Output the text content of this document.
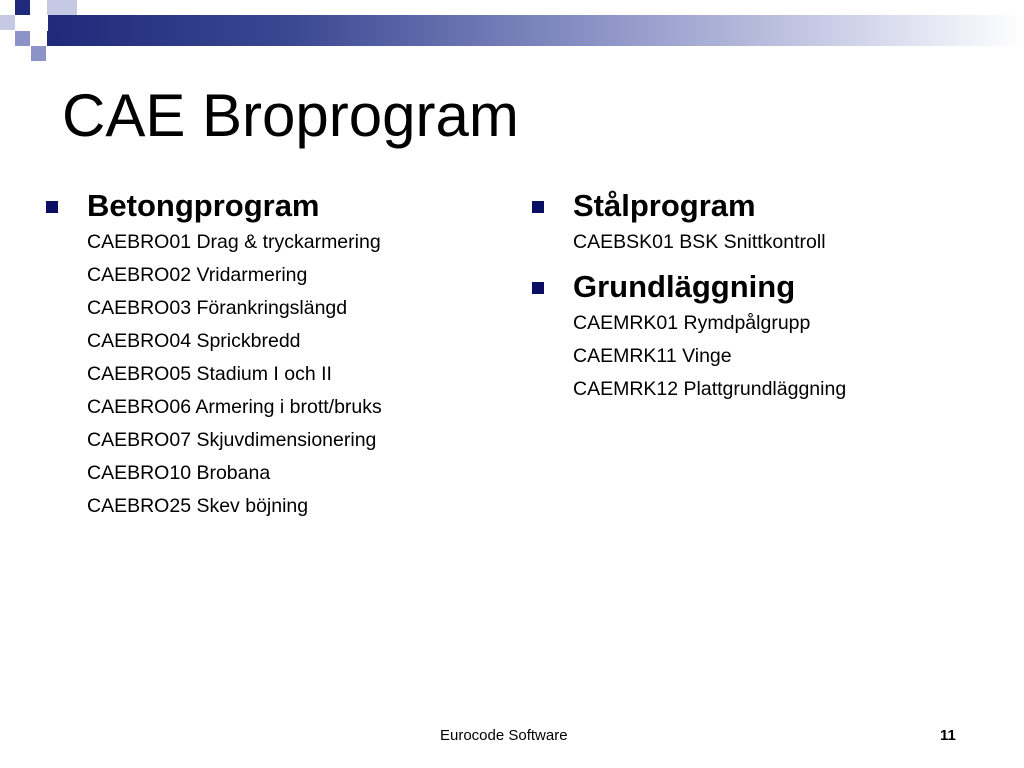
CAE Broprogram
Betongprogram
CAEBRO01 Drag & tryckarmering
CAEBRO02 Vridarmering
CAEBRO03 Förankringslängd
CAEBRO04 Sprickbredd
CAEBRO05 Stadium I och II
CAEBRO06 Armering i brott/bruks
CAEBRO07 Skjuvdimensionering
CAEBRO10 Brobana
CAEBRO25 Skev böjning
Stålprogram
CAEBSK01 BSK Snittkontroll
Grundläggning
CAEMRK01 Rymdpålgrupp
CAEMRK11 Vinge
CAEMRK12 Plattgrundläggning
Eurocode Software	11
